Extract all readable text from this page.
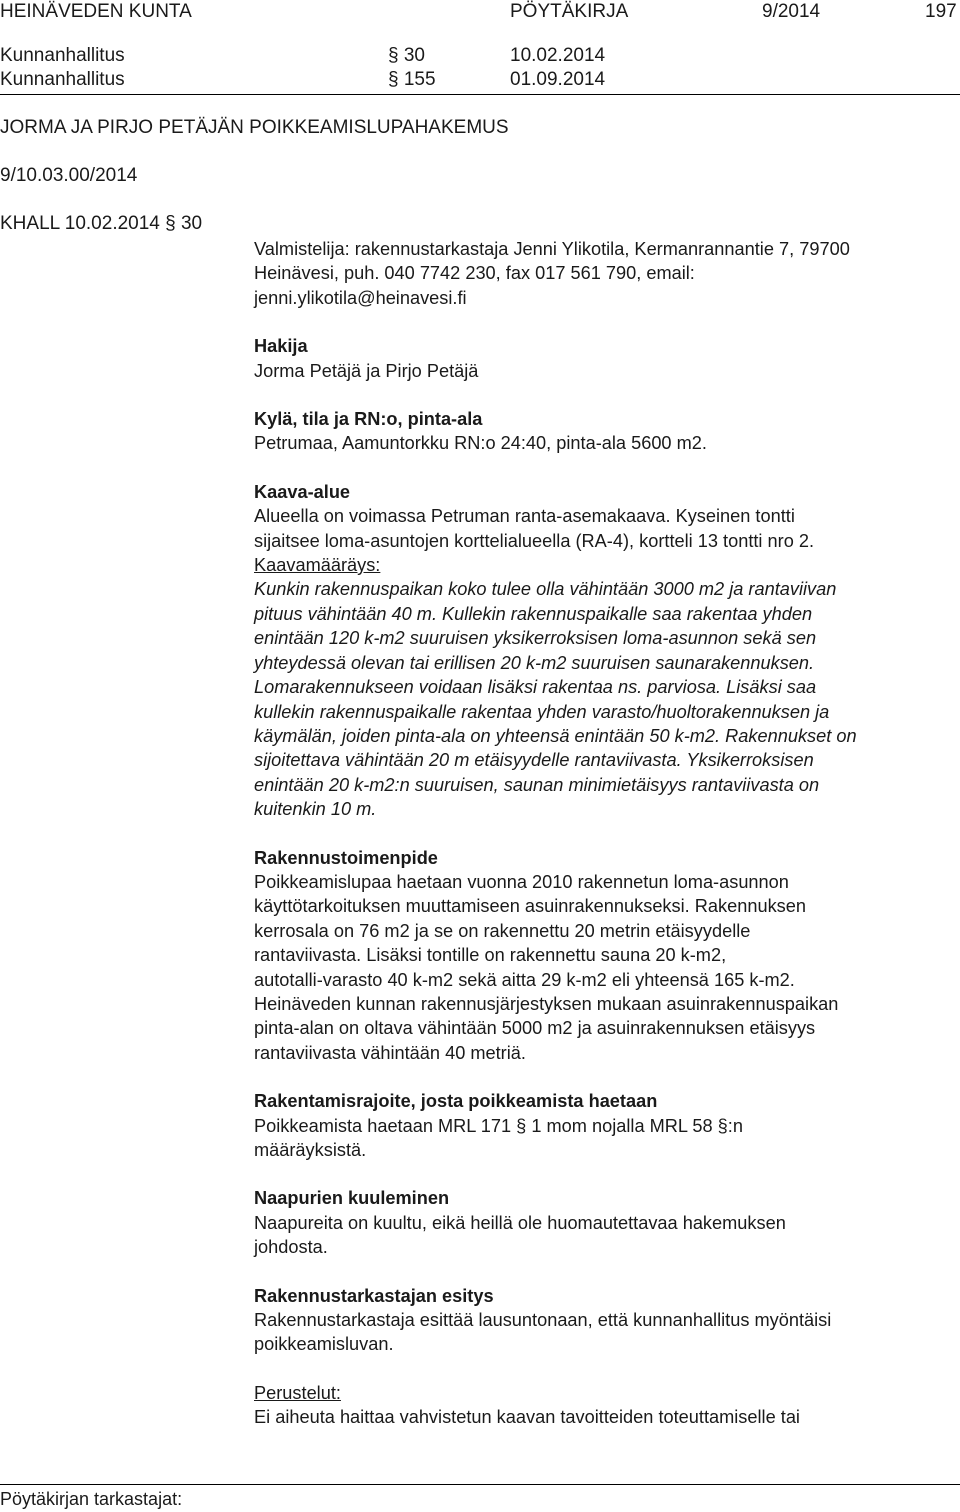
HEINÄVEDEN KUNTA	PÖYTÄKIRJA	9/2014	197
Kunnanhallitus	§ 30	10.02.2014
Kunnanhallitus	§ 155	01.09.2014
JORMA JA PIRJO PETÄJÄN POIKKEAMISLUPAHAKEMUS
9/10.03.00/2014
KHALL 10.02.2014 § 30

Valmistelija: rakennustarkastaja Jenni Ylikotila, Kermanrannantie 7, 79700

Heinävesi, puh. 040 7742 230, fax 017 561 790, email:

jenni.ylikotila@heinavesi.fi

Hakija

Jorma Petäjä ja Pirjo Petäjä

Kylä, tila ja RN:o, pinta-ala

Petrumaa, Aamuntorkku RN:o 24:40, pinta-ala 5600 m2.

Kaava-alue

Alueella on voimassa Petruman ranta-asemakaava. Kyseinen tontti

sijaitsee loma-asuntojen korttelialueella (RA-4), kortteli 13 tontti nro 2.

Kaavamääräys:

Kunkin rakennuspaikan koko tulee olla vähintään 3000 m2 ja rantaviivan

pituus vähintään 40 m. Kullekin rakennuspaikalle saa rakentaa yhden

enintään 120 k-m2 suuruisen yksikerroksisen loma-asunnon sekä sen

yhteydessä olevan tai erillisen 20 k-m2 suuruisen saunarakennuksen.

Lomarakennukseen voidaan lisäksi rakentaa ns. parviosa. Lisäksi saa

kullekin rakennuspaikalle rakentaa yhden varasto/huoltorakennuksen ja

käymälän, joiden pinta-ala on yhteensä enintään 50 k-m2. Rakennukset on

sijoitettava vähintään 20 m etäisyydelle rantaviivasta. Yksikerroksisen

enintään 20 k-m2:n suuruisen, saunan minimietäisyys rantaviivasta on

kuitenkin 10 m.

Rakennustoimenpide

Poikkeamislupaa haetaan vuonna 2010 rakennetun loma-asunnon

käyttötarkoituksen muuttamiseen asuinrakennukseksi. Rakennuksen

kerrosala on 76 m2 ja se on rakennettu 20 metrin etäisyydelle

rantaviivasta. Lisäksi tontille on rakennettu sauna 20 k-m2,

autotalli-varasto 40 k-m2 sekä aitta 29 k-m2 eli yhteensä 165 k-m2.

Heinäveden kunnan rakennusjärjestyksen mukaan asuinrakennuspaikan

pinta-alan on oltava vähintään 5000 m2 ja asuinrakennuksen etäisyys

rantaviivasta vähintään 40 metriä.

Rakentamisrajoite, josta poikkeamista haetaan

Poikkeamista haetaan MRL 171 § 1 mom nojalla MRL 58 §:n

määräyksistä.

Naapurien kuuleminen

Naapureita on kuultu, eikä heillä ole huomautettavaa hakemuksen

johdosta.

Rakennustarkastajan esitys

Rakennustarkastaja esittää lausuntonaan, että kunnanhallitus myöntäisi

poikkeamisluvan.

Perustelut:

Ei aiheuta haittaa vahvistetun kaavan tavoitteiden toteuttamiselle tai

Pöytäkirjan tarkastajat:
